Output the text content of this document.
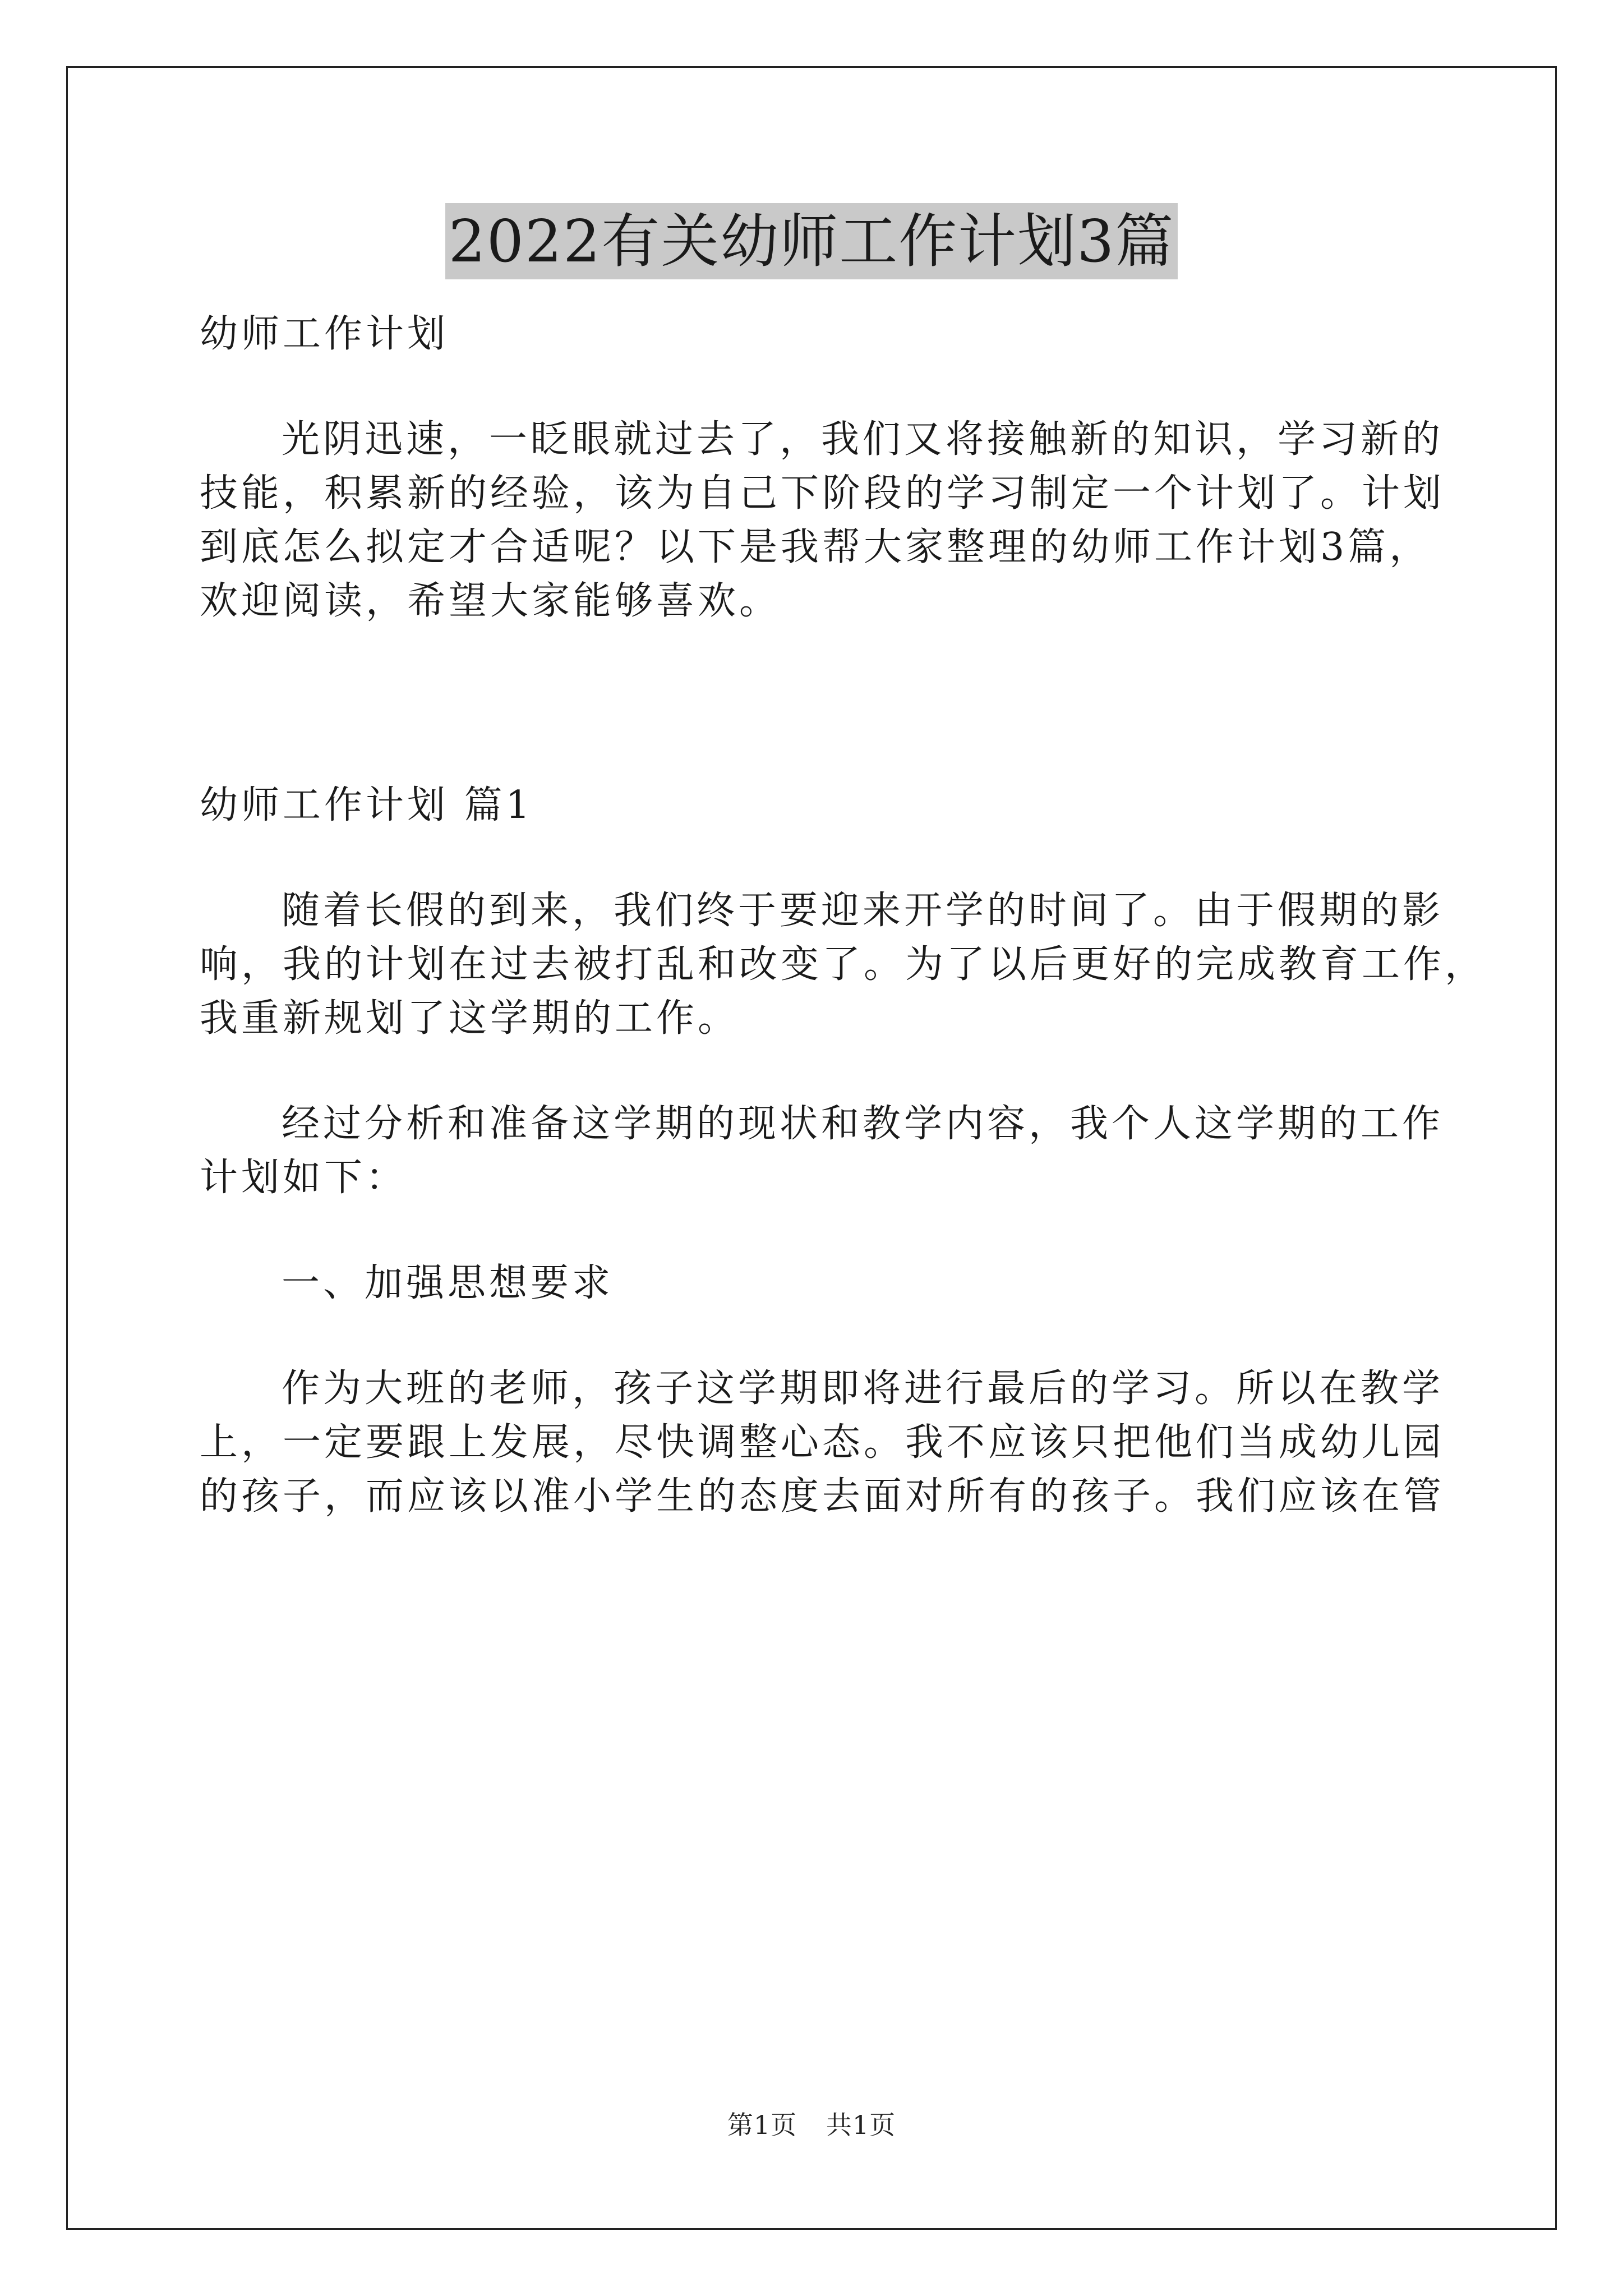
2022有关幼师工作计划3篇
幼师工作计划
光阴迅速，一眨眼就过去了，我们又将接触新的知识，学习新的
技能，积累新的经验，该为自己下阶段的学习制定一个计划了。计划
到底怎么拟定才合适呢？以下是我帮大家整理的幼师工作计划3篇，
欢迎阅读，希望大家能够喜欢。
幼师工作计划 篇1
随着长假的到来，我们终于要迎来开学的时间了。由于假期的影
响，我的计划在过去被打乱和改变了。为了以后更好的完成教育工作，
我重新规划了这学期的工作。
经过分析和准备这学期的现状和教学内容，我个人这学期的工作
计划如下：
一、加强思想要求
作为大班的老师，孩子这学期即将进行最后的学习。所以在教学
上，一定要跟上发展，尽快调整心态。我不应该只把他们当成幼儿园
的孩子，而应该以准小学生的态度去面对所有的孩子。我们应该在管
第1页 共1页
